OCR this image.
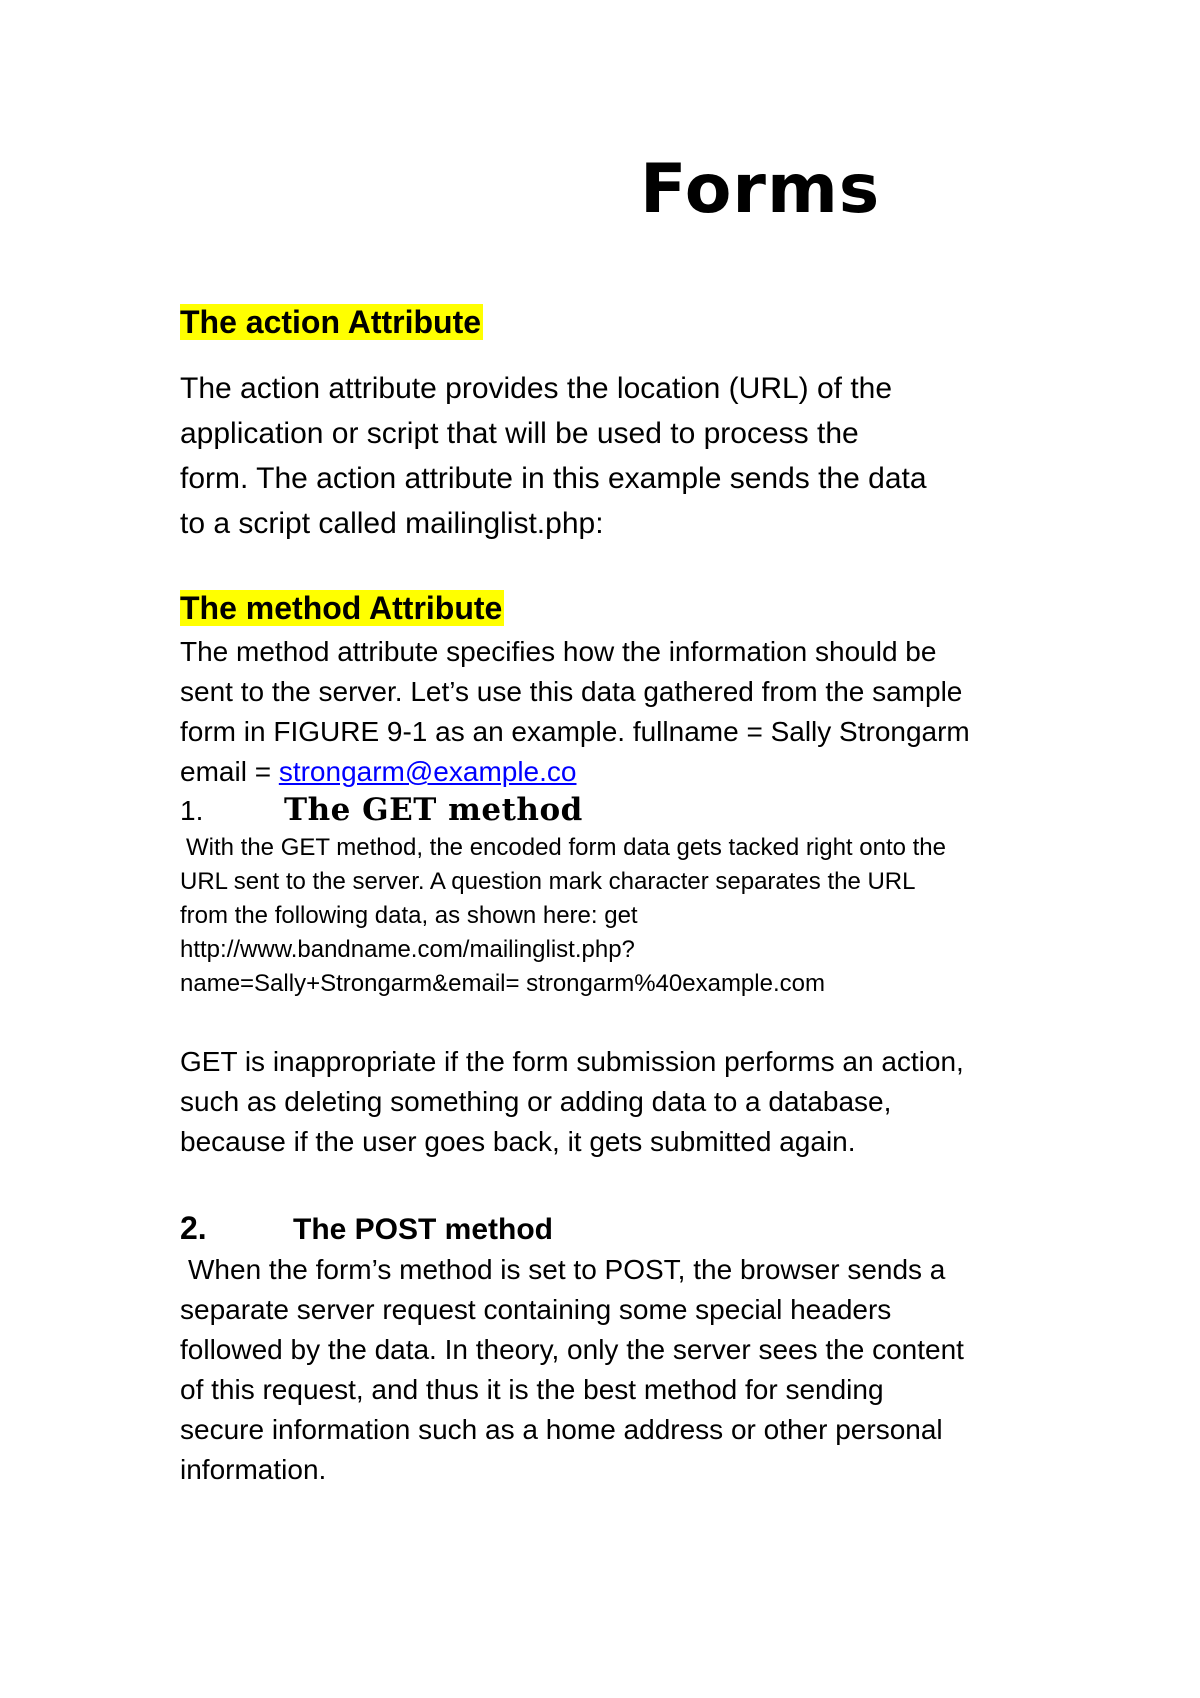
Forms
The action Attribute
The action attribute provides the location (URL) of the
application or script that will be used to process the
form. The action attribute in this example sends the data
to a script called mailinglist.php:
The method Attribute
The method attribute specifies how the information should be
sent to the server. Let’s use this data gathered from the sample
form in FIGURE 9-1 as an example. fullname = Sally Strongarm
email = strongarm@example.co
1.	The GET method
With the GET method, the encoded form data gets tacked right onto the
URL sent to the server. A question mark character separates the URL
from the following data, as shown here: get
http://www.bandname.com/mailinglist.php?
name=Sally+Strongarm&email= strongarm%40example.com
GET is inappropriate if the form submission performs an action,
such as deleting something or adding data to a database,
because if the user goes back, it gets submitted again.
2.	The POST method
When the form’s method is set to POST, the browser sends a
separate server request containing some special headers
followed by the data. In theory, only the server sees the content
of this request, and thus it is the best method for sending
secure information such as a home address or other personal
information.
